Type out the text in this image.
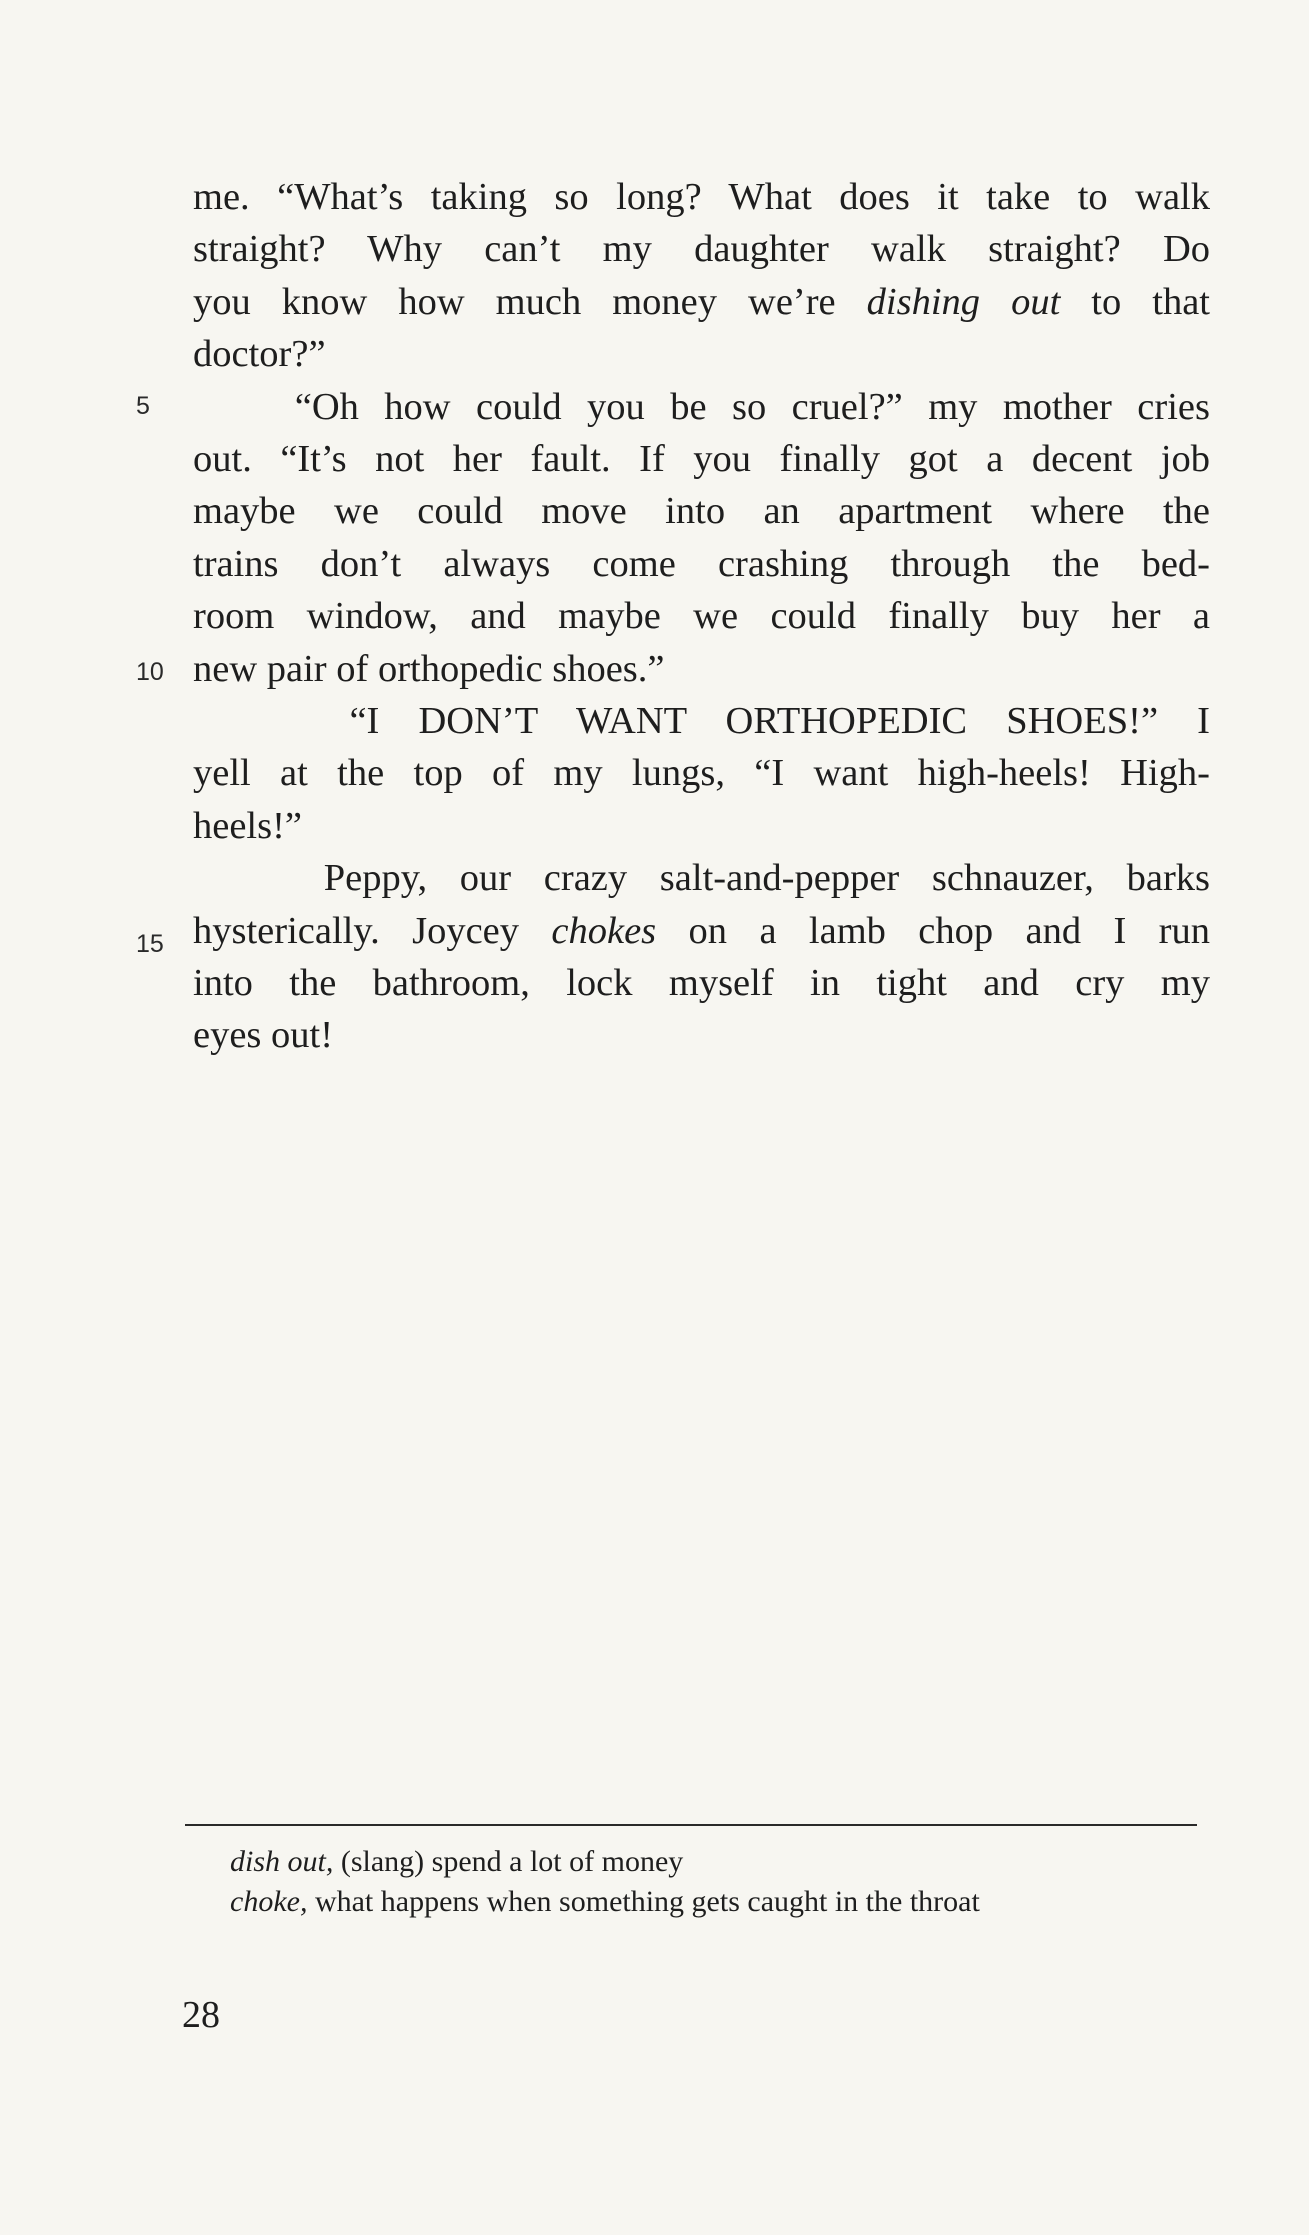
me. “What’s taking so long? What does it take to walk
straight? Why can’t my daughter walk straight? Do
you know how much money we’re dishing out to that
doctor?”
“Oh how could you be so cruel?” my mother cries
out. “It’s not her fault. If you finally got a decent job
maybe we could move into an apartment where the
trains don’t always come crashing through the bed-
room window, and maybe we could finally buy her a
new pair of orthopedic shoes.”
“I DON’T WANT ORTHOPEDIC SHOES!” I
yell at the top of my lungs, “I want high-heels! High-
heels!”
Peppy, our crazy salt-and-pepper schnauzer, barks
hysterically. Joycey chokes on a lamb chop and I run
into the bathroom, lock myself in tight and cry my
eyes out!
5
10
15
dish out, (slang) spend a lot of money
choke, what happens when something gets caught in the throat
28
